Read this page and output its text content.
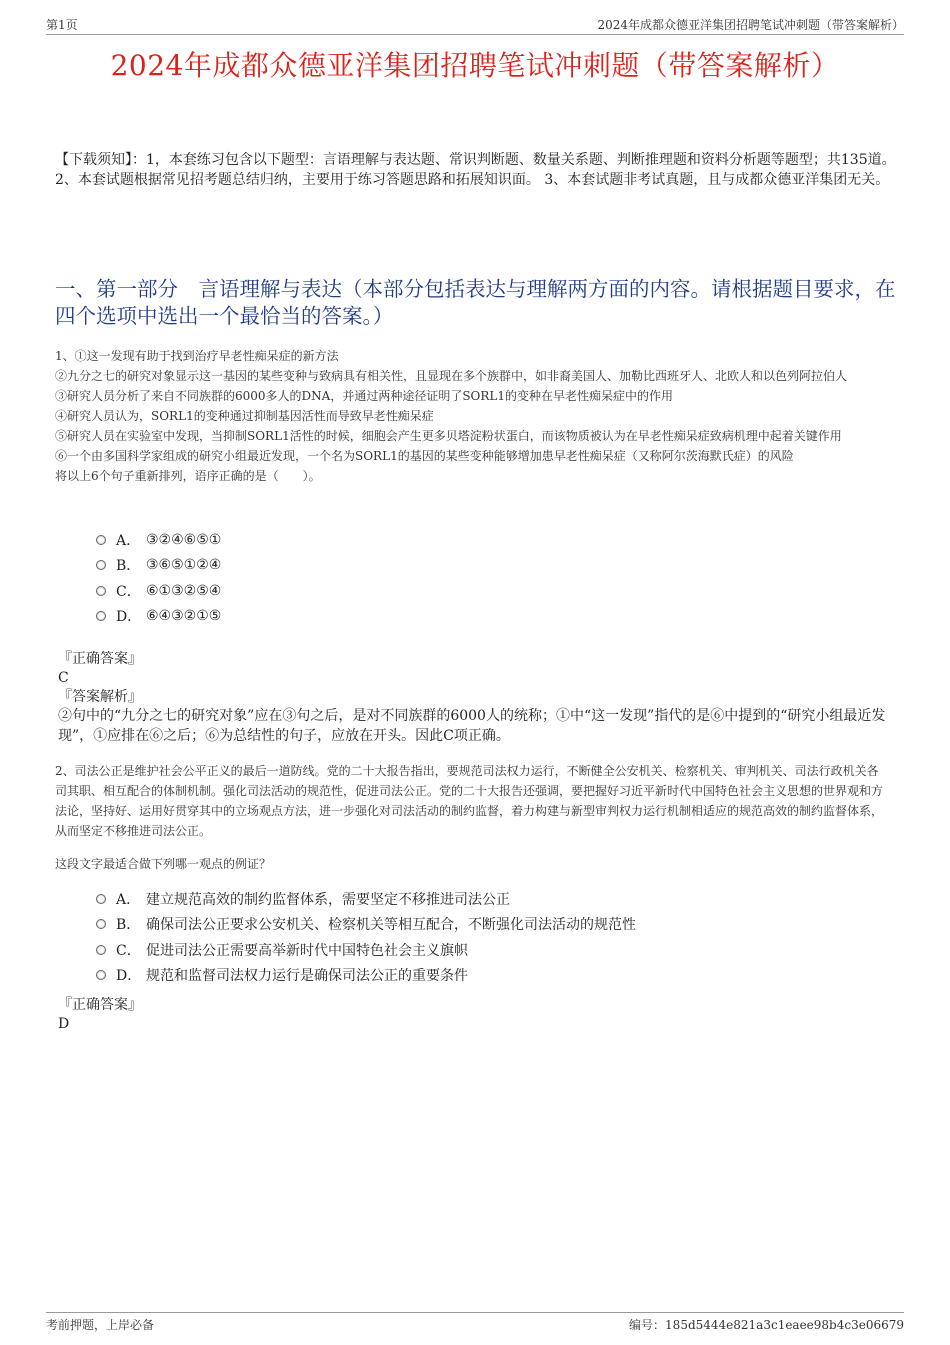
第1页	2024年成都众德亚洋集团招聘笔试冲刺题（带答案解析）
2024年成都众德亚洋集团招聘笔试冲刺题（带答案解析）
【下载须知】：1，本套练习包含以下题型：言语理解与表达题、常识判断题、数量关系题、判断推理题和资料分析题等题型；共135道。 2、本套试题根据常见招考题总结归纳，主要用于练习答题思路和拓展知识面。 3、本套试题非考试真题，且与成都众德亚洋集团无关。
一、第一部分　言语理解与表达（本部分包括表达与理解两方面的内容。请根据题目要求，在四个选项中选出一个最恰当的答案。）
1、①这一发现有助于找到治疗早老性痴呆症的新方法
②九分之七的研究对象显示这一基因的某些变种与致病具有相关性，且显现在多个族群中，如非裔美国人、加勒比西班牙人、北欧人和以色列阿拉伯人
③研究人员分析了来自不同族群的6000多人的DNA，并通过两种途径证明了SORL1的变种在早老性痴呆症中的作用
④研究人员认为，SORL1的变种通过抑制基因活性而导致早老性痴呆症
⑤研究人员在实验室中发现，当抑制SORL1活性的时候，细胞会产生更多贝塔淀粉状蛋白，而该物质被认为在早老性痴呆症致病机理中起着关键作用
⑥一个由多国科学家组成的研究小组最近发现，一个名为SORL1的基因的某些变种能够增加患早老性痴呆症（又称阿尔茨海默氏症）的风险
将以上6个句子重新排列，语序正确的是（　　）。
A． ③②④⑥⑤①
B． ③⑥⑤①②④
C． ⑥①③②⑤④
D． ⑥④③②①⑤
『正确答案』
C
『答案解析』
②句中的“九分之七的研究对象”应在③句之后，是对不同族群的6000人的统称；①中“这一发现”指代的是⑥中提到的“研究小组最近发现”，①应排在⑥之后；⑥为总结性的句子，应放在开头。因此C项正确。
2、司法公正是维护社会公平正义的最后一道防线。党的二十大报告指出，要规范司法权力运行，不断健全公安机关、检察机关、审判机关、司法行政机关各司其职、相互配合的体制机制。强化司法活动的规范性，促进司法公正。党的二十大报告还强调，要把握好习近平新时代中国特色社会主义思想的世界观和方法论，坚持好、运用好贯穿其中的立场观点方法，进一步强化对司法活动的制约监督，着力构建与新型审判权力运行机制相适应的规范高效的制约监督体系，从而坚定不移推进司法公正。
这段文字最适合做下列哪一观点的例证？
A． 建立规范高效的制约监督体系，需要坚定不移推进司法公正
B． 确保司法公正要求公安机关、检察机关等相互配合，不断强化司法活动的规范性
C． 促进司法公正需要高举新时代中国特色社会主义旗帜
D． 规范和监督司法权力运行是确保司法公正的重要条件
『正确答案』
D
考前押题，上岸必备	编号：185d5444e821a3c1eaee98b4c3e06679
